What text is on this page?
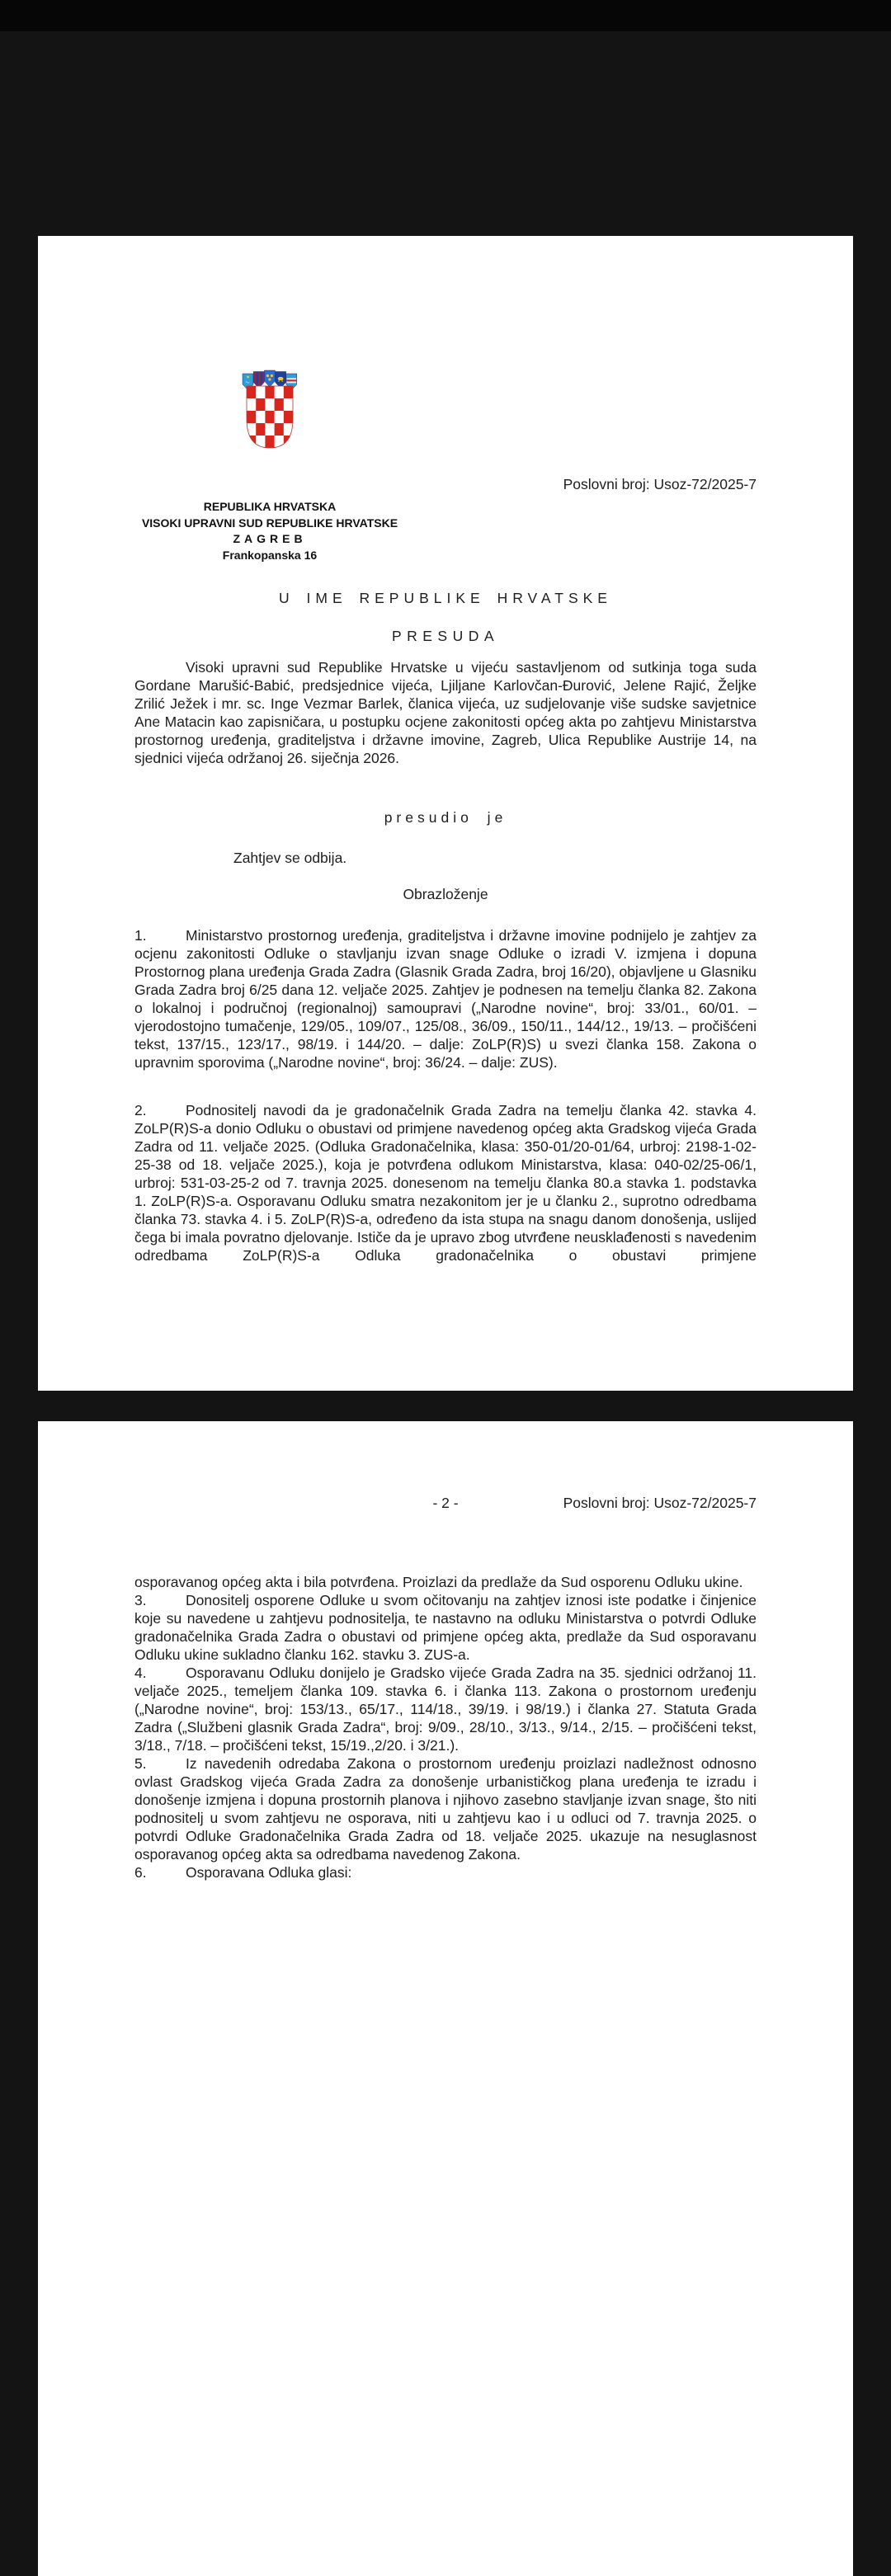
Poslovni broj: Usoz-72/2025-7
REPUBLIKA HRVATSKA
VISOKI UPRAVNI SUD REPUBLIKE HRVATSKE
ZAGREB
Frankopanska 16
U IME REPUBLIKE HRVATSKE
PRESUDA
Visoki upravni sud Republike Hrvatske u vijeću sastavljenom od sutkinja toga suda Gordane Marušić-Babić, predsjednice vijeća, Ljiljane Karlovčan-Đurović, Jelene Rajić, Željke Zrilić Ježek i mr. sc. Inge Vezmar Barlek, članica vijeća, uz sudjelovanje više sudske savjetnice Ane Matacin kao zapisničara, u postupku ocjene zakonitosti općeg akta po zahtjevu Ministarstva prostornog uređenja, graditeljstva i državne imovine, Zagreb, Ulica Republike Austrije 14, na sjednici vijeća održanoj 26. siječnja 2026.
presudio je
Zahtjev se odbija.
Obrazloženje
1.	Ministarstvo prostornog uređenja, graditeljstva i državne imovine podnijelo je zahtjev za ocjenu zakonitosti Odluke o stavljanju izvan snage Odluke o izradi V. izmjena i dopuna Prostornog plana uređenja Grada Zadra (Glasnik Grada Zadra, broj 16/20), objavljene u Glasniku Grada Zadra broj 6/25 dana 12. veljače 2025. Zahtjev je podnesen na temelju članka 82. Zakona o lokalnoj i područnoj (regionalnoj) samoupravi („Narodne novine“, broj: 33/01., 60/01. – vjerodostojno tumačenje, 129/05., 109/07., 125/08., 36/09., 150/11., 144/12., 19/13. – pročišćeni tekst, 137/15., 123/17., 98/19. i 144/20. – dalje: ZoLP(R)S) u svezi članka 158. Zakona o upravnim sporovima („Narodne novine“, broj: 36/24. – dalje: ZUS).
2.	Podnositelj navodi da je gradonačelnik Grada Zadra na temelju članka 42. stavka 4. ZoLP(R)S-a donio Odluku o obustavi od primjene navedenog općeg akta Gradskog vijeća Grada Zadra od 11. veljače 2025. (Odluka Gradonačelnika, klasa: 350-01/20-01/64, urbroj: 2198-1-02-25-38 od 18. veljače 2025.), koja je potvrđena odlukom Ministarstva, klasa: 040-02/25-06/1, urbroj: 531-03-25-2 od 7. travnja 2025. donesenom na temelju članka 80.a stavka 1. podstavka 1. ZoLP(R)S-a. Osporavanu Odluku smatra nezakonitom jer je u članku 2., suprotno odredbama članka 73. stavka 4. i 5. ZoLP(R)S-a, određeno da ista stupa na snagu danom donošenja, uslijed čega bi imala povratno djelovanje. Ističe da je upravo zbog utvrđene neusklađenosti s navedenim odredbama ZoLP(R)S-a Odluka gradonačelnika o obustavi primjene
- 2 -	Poslovni broj: Usoz-72/2025-7

osporavanog općeg akta i bila potvrđena. Proizlazi da predlaže da Sud osporenu Odluku ukine.

3.	Donositelj osporene Odluke u svom očitovanju na zahtjev iznosi iste podatke i činjenice koje su navedene u zahtjevu podnositelja, te nastavno na odluku Ministarstva o potvrdi Odluke gradonačelnika Grada Zadra o obustavi od primjene općeg akta, predlaže da Sud osporavanu Odluku ukine sukladno članku 162. stavku 3. ZUS-a.

4.	Osporavanu Odluku donijelo je Gradsko vijeće Grada Zadra na 35. sjednici održanoj 11. veljače 2025., temeljem članka 109. stavka 6. i članka 113. Zakona o prostornom uređenju („Narodne novine“, broj: 153/13., 65/17., 114/18., 39/19. i 98/19.) i članka 27. Statuta Grada Zadra („Službeni glasnik Grada Zadra“, broj: 9/09., 28/10., 3/13., 9/14., 2/15. – pročišćeni tekst, 3/18., 7/18. – pročišćeni tekst, 15/19.,2/20. i 3/21.).

5.	Iz navedenih odredaba Zakona o prostornom uređenju proizlazi nadležnost odnosno ovlast Gradskog vijeća Grada Zadra za donošenje urbanističkog plana uređenja te izradu i donošenje izmjena i dopuna prostornih planova i njihovo zasebno stavljanje izvan snage, što niti podnositelj u svom zahtjevu ne osporava, niti u zahtjevu kao i u odluci od 7. travnja 2025. o potvrdi Odluke Gradonačelnika Grada Zadra od 18. veljače 2025. ukazuje na nesuglasnost osporavanog općeg akta sa odredbama navedenog Zakona.

6.	Osporavana Odluka glasi:
